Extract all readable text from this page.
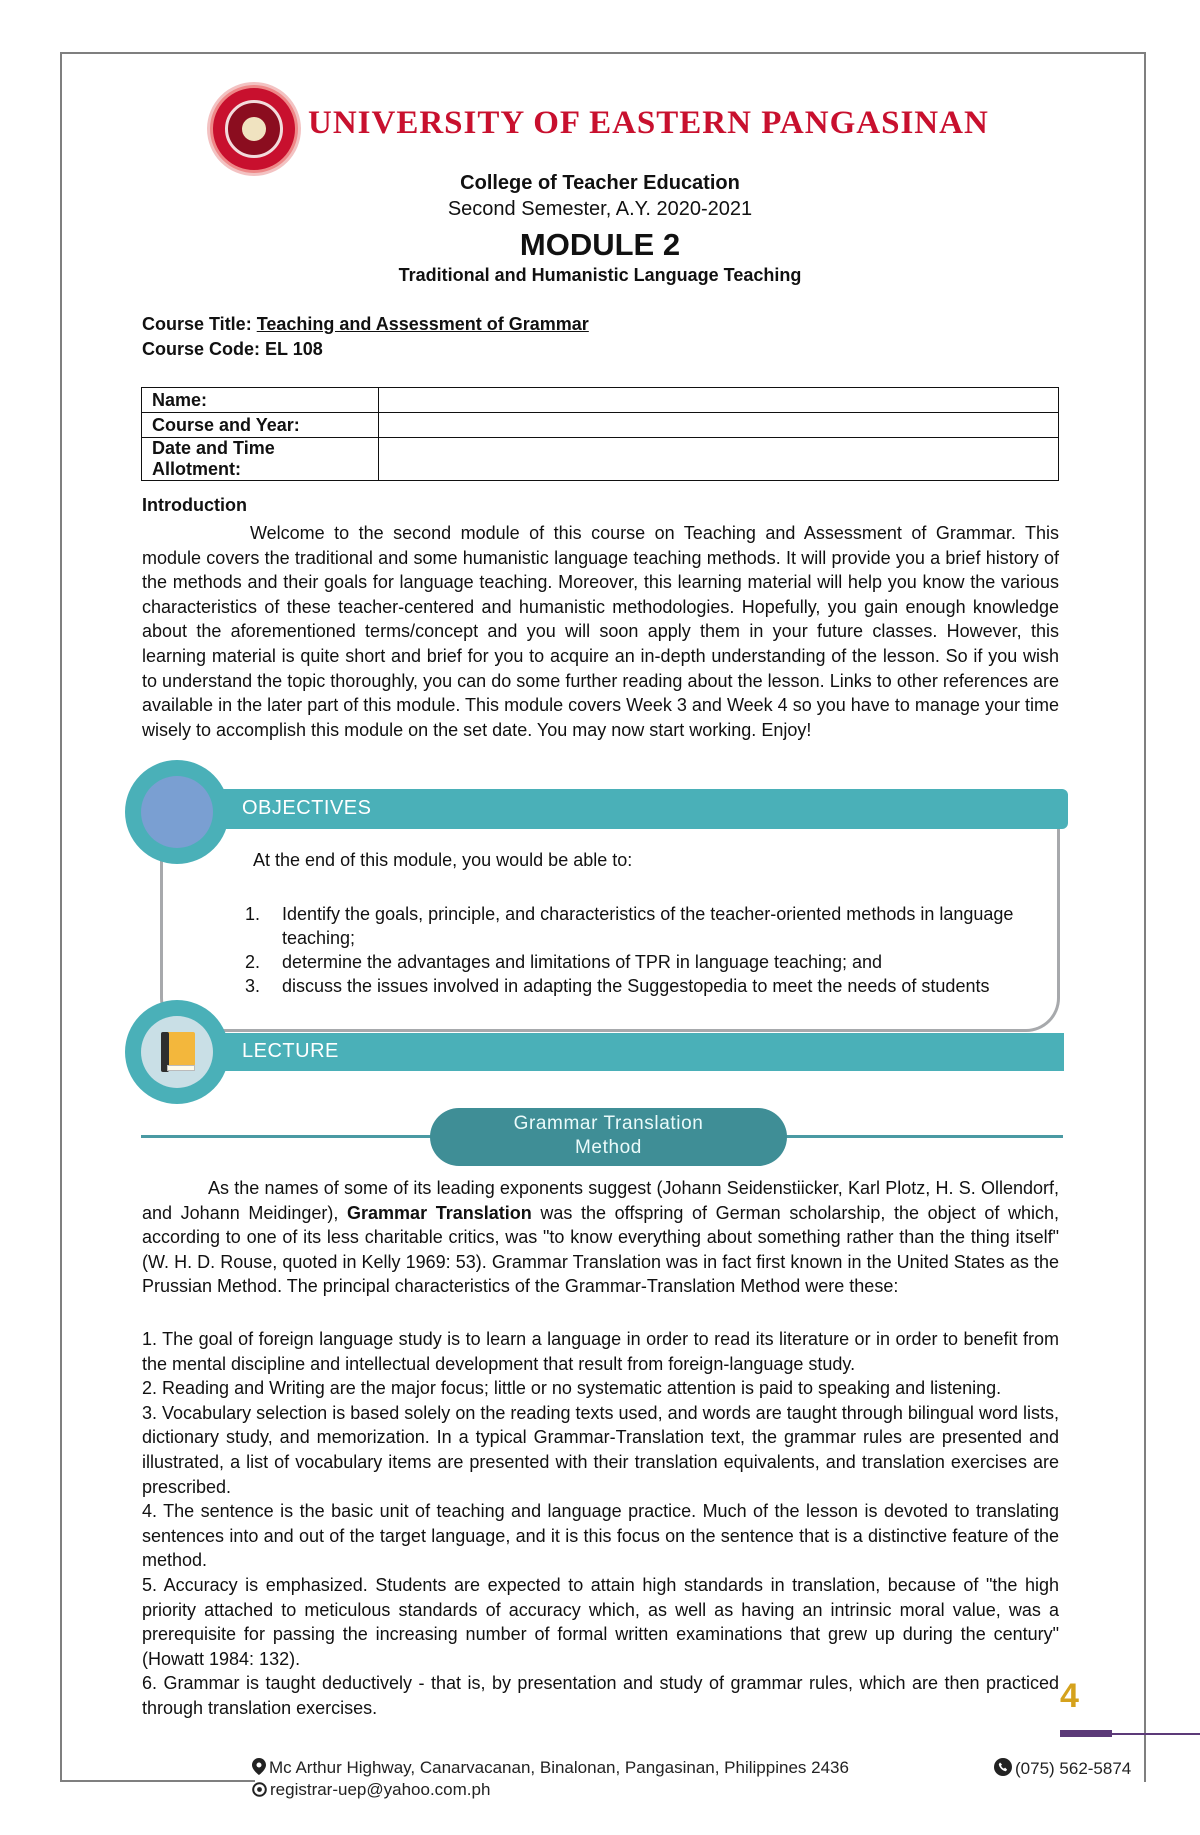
UNIVERSITY OF EASTERN PANGASINAN
College of Teacher Education
Second Semester, A.Y. 2020-2021
MODULE 2
Traditional and Humanistic Language Teaching
Course Title: Teaching and Assessment of Grammar
Course Code: EL 108
Name:	
Course and Year:	
Date and Time Allotment:	
Introduction
Welcome to the second module of this course on Teaching and Assessment of Grammar. This module covers the traditional and some humanistic language teaching methods. It will provide you a brief history of the methods and their goals for language teaching. Moreover, this learning material will help you know the various characteristics of these teacher-centered and humanistic methodologies. Hopefully, you gain enough knowledge about the aforementioned terms/concept and you will soon apply them in your future classes. However, this learning material is quite short and brief for you to acquire an in-depth understanding of the lesson. So if you wish to understand the topic thoroughly, you can do some further reading about the lesson. Links to other references are available in the later part of this module. This module covers Week 3 and Week 4 so you have to manage your time wisely to accomplish this module on the set date. You may now start working. Enjoy!
OBJECTIVES
At the end of this module, you would be able to:
1. Identify the goals, principle, and characteristics of the teacher-oriented methods in language teaching;
2. determine the advantages and limitations of TPR in language teaching; and
3. discuss the issues involved in adapting the Suggestopedia to meet the needs of students
LECTURE
Grammar Translation
Method
As the names of some of its leading exponents suggest (Johann Seidenstiicker, Karl Plotz, H. S. Ollendorf, and Johann Meidinger), Grammar Translation was the offspring of German scholarship, the object of which, according to one of its less charitable critics, was "to know everything about something rather than the thing itself" (W. H. D. Rouse, quoted in Kelly 1969: 53). Grammar Translation was in fact first known in the United States as the Prussian Method. The principal characteristics of the Grammar-Translation Method were these:
1. The goal of foreign language study is to learn a language in order to read its literature or in order to benefit from the mental discipline and intellectual development that result from foreign-language study.
2. Reading and Writing are the major focus; little or no systematic attention is paid to speaking and listening.
3. Vocabulary selection is based solely on the reading texts used, and words are taught through bilingual word lists, dictionary study, and memorization. In a typical Grammar-Translation text, the grammar rules are presented and illustrated, a list of vocabulary items are presented with their translation equivalents, and translation exercises are prescribed.
4. The sentence is the basic unit of teaching and language practice. Much of the lesson is devoted to translating sentences into and out of the target language, and it is this focus on the sentence that is a distinctive feature of the method.
5. Accuracy is emphasized. Students are expected to attain high standards in translation, because of "the high priority attached to meticulous standards of accuracy which, as well as having an intrinsic moral value, was a prerequisite for passing the increasing number of formal written examinations that grew up during the century" (Howatt 1984: 132).
6. Grammar is taught deductively - that is, by presentation and study of grammar rules, which are then practiced through translation exercises.	4
Mc Arthur Highway, Canarvacanan, Binalonan, Pangasinan, Philippines 2436	(075) 562-5874
registrar-uep@yahoo.com.ph
